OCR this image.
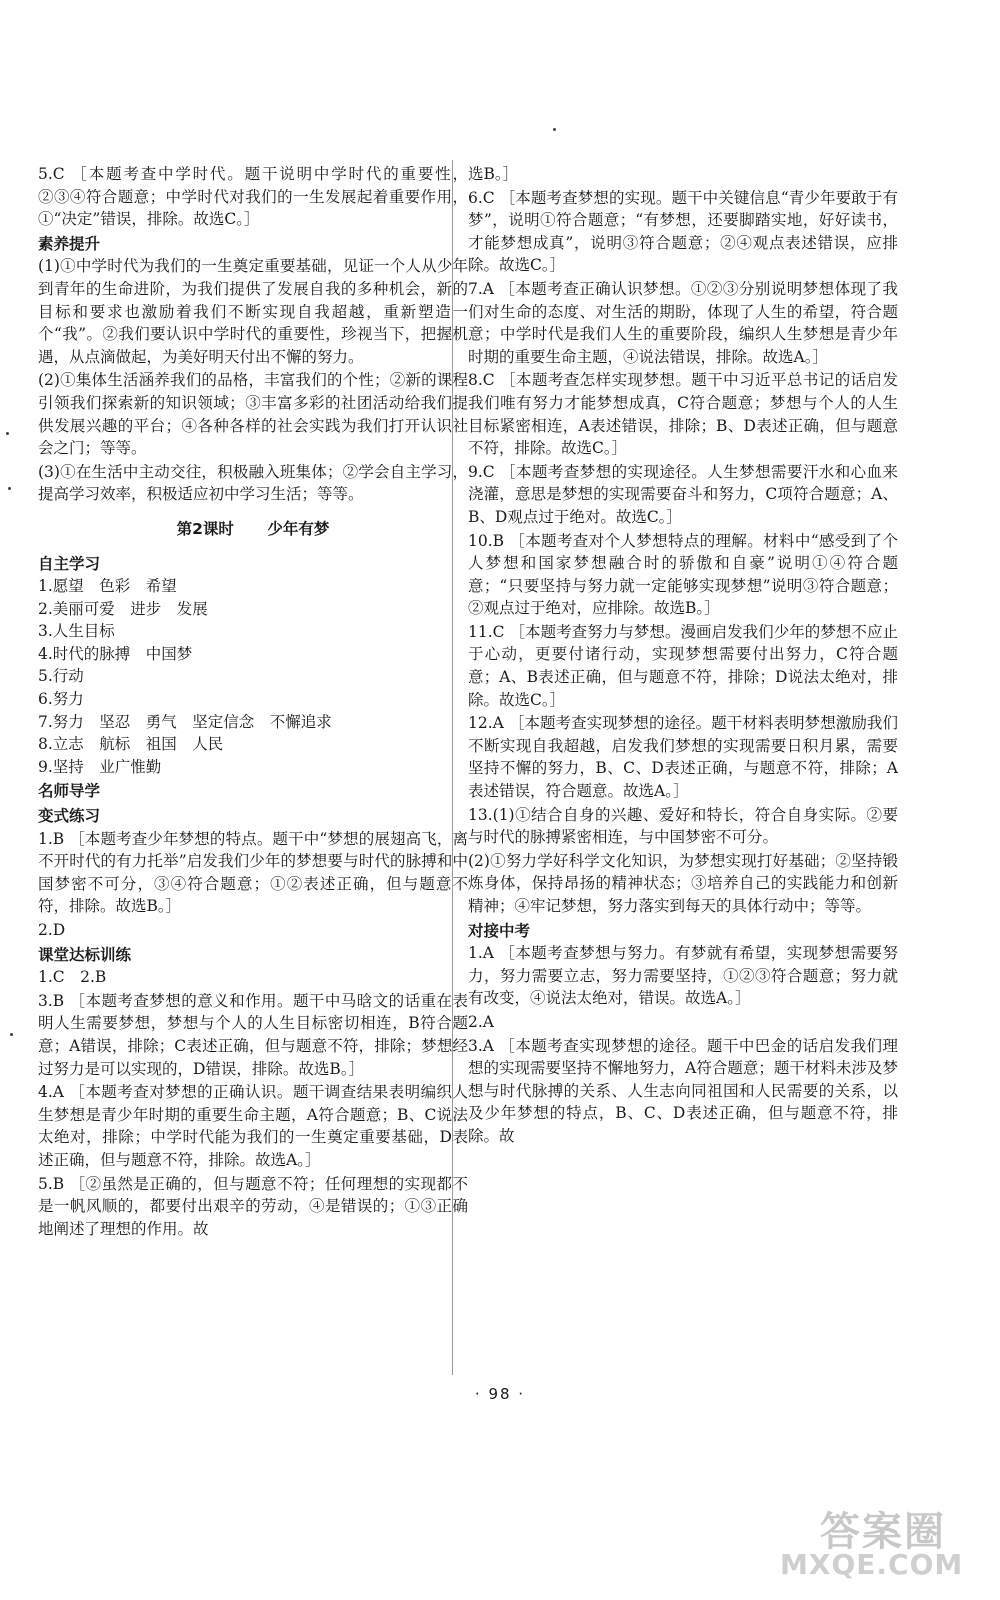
5.C ［本题考查中学时代。题干说明中学时代的重要性，②③④符合题意；中学时代对我们的一生发展起着重要作用，①“决定”错误，排除。故选C。］
素养提升
(1)①中学时代为我们的一生奠定重要基础，见证一个人从少年到青年的生命进阶，为我们提供了发展自我的多种机会，新的目标和要求也激励着我们不断实现自我超越，重新塑造一个“我”。②我们要认识中学时代的重要性，珍视当下，把握机遇，从点滴做起，为美好明天付出不懈的努力。
(2)①集体生活涵养我们的品格，丰富我们的个性；②新的课程引领我们探索新的知识领域；③丰富多彩的社团活动给我们提供发展兴趣的平台；④各种各样的社会实践为我们打开认识社会之门；等等。
(3)①在生活中主动交往，积极融入班集体；②学会自主学习，提高学习效率，积极适应初中学习生活；等等。
第2课时 少年有梦
自主学习
1.愿望　色彩　希望
2.美丽可爱　进步　发展
3.人生目标
4.时代的脉搏　中国梦
5.行动
6.努力
7.努力　坚忍　勇气　坚定信念　不懈追求
8.立志　航标　祖国　人民
9.坚持　业广惟勤
名师导学
变式练习
1.B ［本题考查少年梦想的特点。题干中“梦想的展翅高飞，离不开时代的有力托举”启发我们少年的梦想要与时代的脉搏和中国梦密不可分，③④符合题意；①②表述正确，但与题意不符，排除。故选B。］
2.D
课堂达标训练
1.C　2.B
3.B ［本题考查梦想的意义和作用。题干中马晗文的话重在表明人生需要梦想，梦想与个人的人生目标密切相连，B符合题意；A错误，排除；C表述正确，但与题意不符，排除；梦想经过努力是可以实现的，D错误，排除。故选B。］
4.A ［本题考查对梦想的正确认识。题干调查结果表明编织人生梦想是青少年时期的重要生命主题，A符合题意；B、C说法太绝对，排除；中学时代能为我们的一生奠定重要基础，D表述正确，但与题意不符，排除。故选A。］
5.B ［②虽然是正确的，但与题意不符；任何理想的实现都不是一帆风顺的，都要付出艰辛的劳动，④是错误的；①③正确地阐述了理想的作用。故
选B。］
6.C ［本题考查梦想的实现。题干中关键信息“青少年要敢于有梦”，说明①符合题意；“有梦想，还要脚踏实地，好好读书，才能梦想成真”，说明③符合题意；②④观点表述错误，应排除。故选C。］
7.A ［本题考查正确认识梦想。①②③分别说明梦想体现了我们对生命的态度、对生活的期盼，体现了人生的希望，符合题意；中学时代是我们人生的重要阶段，编织人生梦想是青少年时期的重要生命主题，④说法错误，排除。故选A。］
8.C ［本题考查怎样实现梦想。题干中习近平总书记的话启发我们唯有努力才能梦想成真，C符合题意；梦想与个人的人生目标紧密相连，A表述错误，排除；B、D表述正确，但与题意不符，排除。故选C。］
9.C ［本题考查梦想的实现途径。人生梦想需要汗水和心血来浇灌，意思是梦想的实现需要奋斗和努力，C项符合题意；A、B、D观点过于绝对。故选C。］
10.B ［本题考查对个人梦想特点的理解。材料中“感受到了个人梦想和国家梦想融合时的骄傲和自豪”说明①④符合题意；“只要坚持与努力就一定能够实现梦想”说明③符合题意；②观点过于绝对，应排除。故选B。］
11.C ［本题考查努力与梦想。漫画启发我们少年的梦想不应止于心动，更要付诸行动，实现梦想需要付出努力，C符合题意；A、B表述正确，但与题意不符，排除；D说法太绝对，排除。故选C。］
12.A ［本题考查实现梦想的途径。题干材料表明梦想激励我们不断实现自我超越，启发我们梦想的实现需要日积月累，需要坚持不懈的努力，B、C、D表述正确，与题意不符，排除；A表述错误，符合题意。故选A。］
13.(1)①结合自身的兴趣、爱好和特长，符合自身实际。②要与时代的脉搏紧密相连，与中国梦密不可分。
(2)①努力学好科学文化知识，为梦想实现打好基础；②坚持锻炼身体，保持昂扬的精神状态；③培养自己的实践能力和创新精神；④牢记梦想，努力落实到每天的具体行动中；等等。
对接中考
1.A ［本题考查梦想与努力。有梦就有希望，实现梦想需要努力，努力需要立志，努力需要坚持，①②③符合题意；努力就有改变，④说法太绝对，错误。故选A。］
2.A
3.A ［本题考查实现梦想的途径。题干中巴金的话启发我们理想的实现需要坚持不懈地努力，A符合题意；题干材料未涉及梦想与时代脉搏的关系、人生志向同祖国和人民需要的关系，以及少年梦想的特点，B、C、D表述正确，但与题意不符，排除。故
· 98 ·
答案圈
MXQE.COM
